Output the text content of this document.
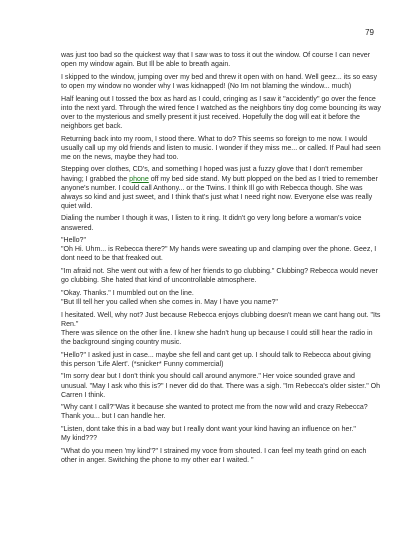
79

was just too bad so the quickest way that I saw was to toss it out the window. Of course I can never open my window again. But Ill be able to breath again.

I skipped to the window, jumping over my bed and threw it open with on hand. Well geez... its so easy to open my window no wonder why I was kidnapped! (No Im not blaming the window... much)

Half leaning out I tossed the box as hard as I could, cringing as I saw it "accidently" go over the fence into the next yard. Through the wired fence I watched as the neighbors tiny dog come bouncing its way over to the mysterious and smelly present it just received. Hopefully the dog will eat it before the neighbors get back.

Returning back into my room, I stood there. What to do? This seems so foreign to me now. I would usually call up my old friends and listen to music. I wonder if they miss me... or called. If Paul had seen me on the news, maybe they had too.

Stepping over clothes, CD's, and something I hoped was just a fuzzy glove that I don't remember having; I grabbed the phone off my bed side stand. My butt plopped on the bed as I tried to remember anyone's number. I could call Anthony... or the Twins. I think Ill go with Rebecca though. She was always so kind and just sweet, and I think that's just what I need right now. Everyone else was really quiet wild.

Dialing the number I though it was, I listen to it ring. It didn't go very long before a woman's voice answered.

"Hello?"
"Oh Hi. Uhm... is Rebecca there?" My hands were sweating up and clamping over the phone. Geez, I dont need to be that freaked out.

"Im afraid not. She went out with a few of her friends to go clubbing." Clubbing? Rebecca would never go clubbing. She hated that kind of uncontrollable atmosphere.

"Okay. Thanks." I mumbled out on the line.
"But Ill tell her you called when she comes in. May I have you name?"

I hesitated. Well, why not? Just because Rebecca enjoys clubbing doesn't mean we cant hang out. "Its Ren."
There was silence on the other line. I knew she hadn't hung up because I could still hear the radio in the background singing country music.

"Hello?" I asked just in case... maybe she fell and cant get up. I should talk to Rebecca about giving this person 'Life Alert'. (*snicker* Funny commercial)

"Im sorry dear but I don't think you should call around anymore." Her voice sounded grave and unusual. "May I ask who this is?" I never did do that. There was a sigh. "Im Rebecca's older sister." Oh Carren I think.

"Why cant I call?"Was it because she wanted to protect me from the now wild and crazy Rebecca? Thank you... but I can handle her.

"Listen, dont take this in a bad way but I really dont want your kind having an influence on her."
My kind???

"What do you meen 'my kind'?" I strained my voce from shouted. I can feel my teath grind on each other in anger. Switching the phone to my other ear I waited. "
